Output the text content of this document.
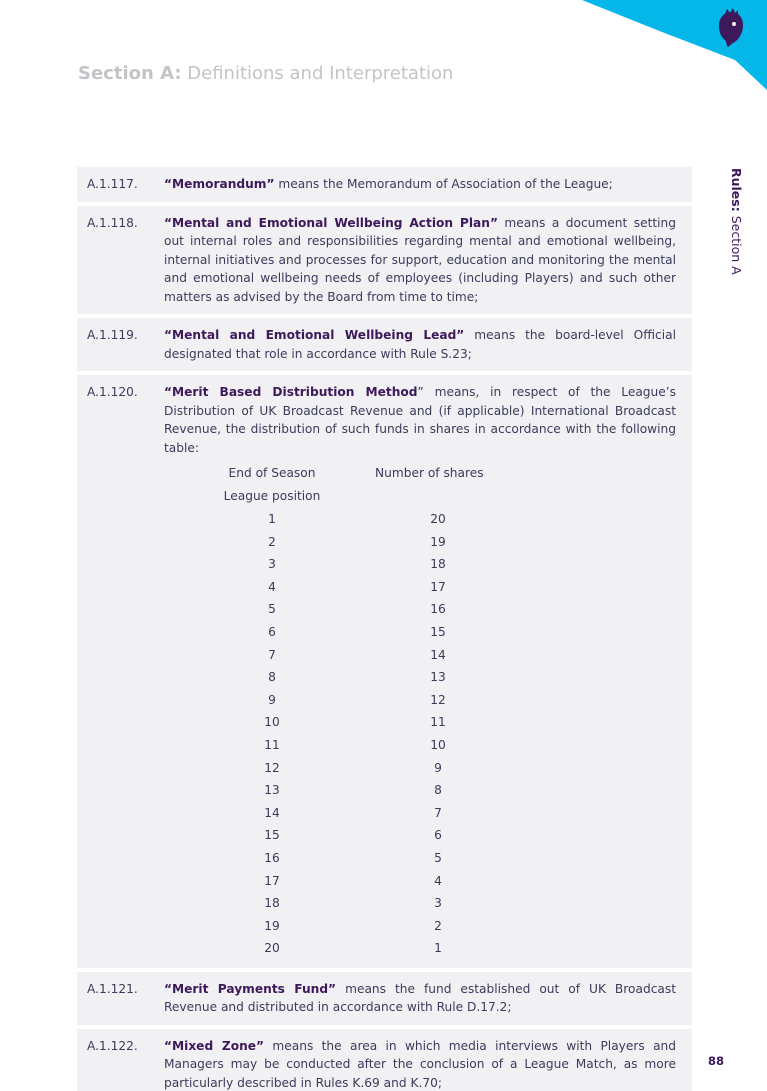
Section A: Definitions and Interpretation
Rules: Section A
A.1.117.	“Memorandum” means the Memorandum of Association of the League;
A.1.118.	“Mental and Emotional Wellbeing Action Plan” means a document setting out internal roles and responsibilities regarding mental and emotional wellbeing, internal initiatives and processes for support, education and monitoring the mental and emotional wellbeing needs of employees (including Players) and such other matters as advised by the Board from time to time;
A.1.119.	“Mental and Emotional Wellbeing Lead” means the board-level Official designated that role in accordance with Rule S.23;
A.1.120.	“Merit Based Distribution Method” means, in respect of the League’s Distribution of UK Broadcast Revenue and (if applicable) International Broadcast Revenue, the distribution of such funds in shares in accordance with the following table:
End of Season	Number of shares
League position
1	20
2	19
3	18
4	17
5	16
6	15
7	14
8	13
9	12
10	11
11	10
12	9
13	8
14	7
15	6
16	5
17	4
18	3
19	2
20	1
A.1.121.	“Merit Payments Fund” means the fund established out of UK Broadcast Revenue and distributed in accordance with Rule D.17.2;
A.1.122.	“Mixed Zone” means the area in which media interviews with Players and Managers may be conducted after the conclusion of a League Match, as more particularly described in Rules K.69 and K.70;
88
